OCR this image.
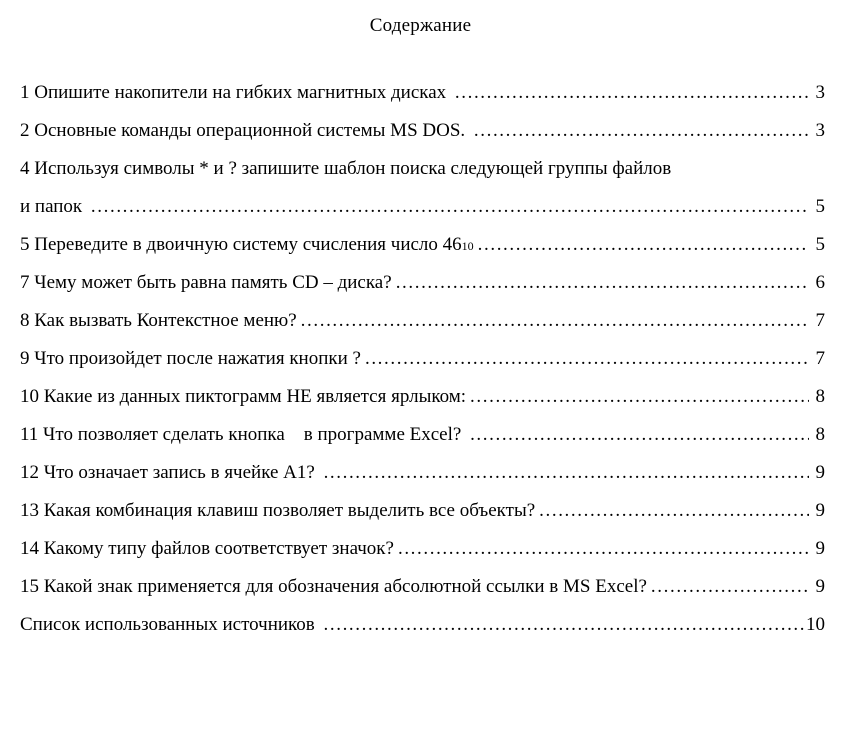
Содержание
1 Опишите накопители на гибких магнитных дисках .....	3
2 Основные команды операционной системы MS DOS. .....	3
4 Используя символы * и ? запишите шаблон поиска следующей группы файлов
и папок .....	5
5 Переведите в двоичную систему счисления число 46 10 .....	5
7 Чему может быть равна память CD – диска? .....	6
8 Как вызвать Контекстное меню? .....	7
9 Что произойдет после нажатия кнопки ? .....	7
10 Какие из данных пиктограмм НЕ является ярлыком: .....	8
11 Что позволяет сделать кнопка    в программе Excel? .....	8
12 Что означает запись в ячейке A1? .....	9
13 Какая комбинация клавиш позволяет выделить все объекты? .....	9
14 Какому типу файлов соответствует значок? .....	9
15 Какой знак применяется для обозначения абсолютной ссылки в MS Excel? .....	9
Список использованных источников .....	10
